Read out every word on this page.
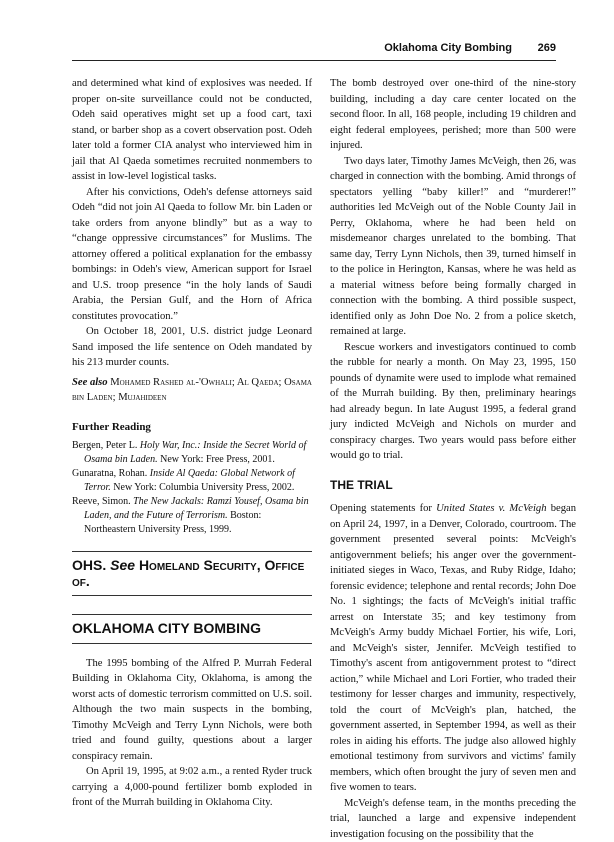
Oklahoma City Bombing 269

and determined what kind of explosives was needed. If proper on-site surveillance could not be conducted, Odeh said operatives might set up a food cart, taxi stand, or barber shop as a covert observation post. Odeh later told a former CIA analyst who interviewed him in jail that Al Qaeda sometimes recruited nonmembers to assist in low-level logistical tasks.

After his convictions, Odeh's defense attorneys said Odeh “did not join Al Qaeda to follow Mr. bin Laden or take orders from anyone blindly” but as a way to “change oppressive circumstances” for Muslims. The attorney offered a political explanation for the embassy bombings: in Odeh's view, American support for Israel and U.S. troop presence “in the holy lands of Saudi Arabia, the Persian Gulf, and the Horn of Africa constitutes provocation.”

On October 18, 2001, U.S. district judge Leonard Sand imposed the life sentence on Odeh mandated by his 213 murder counts.

See also Mohamed Rashed al-'Owhali; Al Qaeda; Osama bin Laden; Mujahideen

Further Reading

Bergen, Peter L. Holy War, Inc.: Inside the Secret World of Osama bin Laden. New York: Free Press, 2001.

Gunaratna, Rohan. Inside Al Qaeda: Global Network of Terror. New York: Columbia University Press, 2002.

Reeve, Simon. The New Jackals: Ramzi Yousef, Osama bin Laden, and the Future of Terrorism. Boston: Northeastern University Press, 1999.

OHS. See Homeland Security, Office of.
OKLAHOMA CITY BOMBING

The 1995 bombing of the Alfred P. Murrah Federal Building in Oklahoma City, Oklahoma, is among the worst acts of domestic terrorism committed on U.S. soil. Although the two main suspects in the bombing, Timothy McVeigh and Terry Lynn Nichols, were both tried and found guilty, questions about a larger conspiracy remain.

On April 19, 1995, at 9:02 a.m., a rented Ryder truck carrying a 4,000-pound fertilizer bomb exploded in front of the Murrah building in Oklahoma City.

The bomb destroyed over one-third of the nine-story building, including a day care center located on the second floor. In all, 168 people, including 19 children and eight federal employees, perished; more than 500 were injured.

Two days later, Timothy James McVeigh, then 26, was charged in connection with the bombing. Amid throngs of spectators yelling “baby killer!” and “murderer!” authorities led McVeigh out of the Noble County Jail in Perry, Oklahoma, where he had been held on misdemeanor charges unrelated to the bombing. That same day, Terry Lynn Nichols, then 39, turned himself in to the police in Herington, Kansas, where he was held as a material witness before being formally charged in connection with the bombing. A third possible suspect, identified only as John Doe No. 2 from a police sketch, remained at large.

Rescue workers and investigators continued to comb the rubble for nearly a month. On May 23, 1995, 150 pounds of dynamite were used to implode what remained of the Murrah building. By then, preliminary hearings had already begun. In late August 1995, a federal grand jury indicted McVeigh and Nichols on murder and conspiracy charges. Two years would pass before either would go to trial.

THE TRIAL

Opening statements for United States v. McVeigh began on April 24, 1997, in a Denver, Colorado, courtroom. The government presented several points: McVeigh's antigovernment beliefs; his anger over the government-initiated sieges in Waco, Texas, and Ruby Ridge, Idaho; forensic evidence; telephone and rental records; John Doe No. 1 sightings; the facts of McVeigh's initial traffic arrest on Interstate 35; and key testimony from McVeigh's Army buddy Michael Fortier, his wife, Lori, and McVeigh's sister, Jennifer. McVeigh testified to Timothy's ascent from antigovernment protest to “direct action,” while Michael and Lori Fortier, who traded their testimony for lesser charges and immunity, respectively, told the court of McVeigh's plan, hatched, the government asserted, in September 1994, as well as their roles in aiding his efforts. The judge also allowed highly emotional testimony from survivors and victims' family members, which often brought the jury of seven men and five women to tears.

McVeigh's defense team, in the months preceding the trial, launched a large and expensive independent investigation focusing on the possibility that the
